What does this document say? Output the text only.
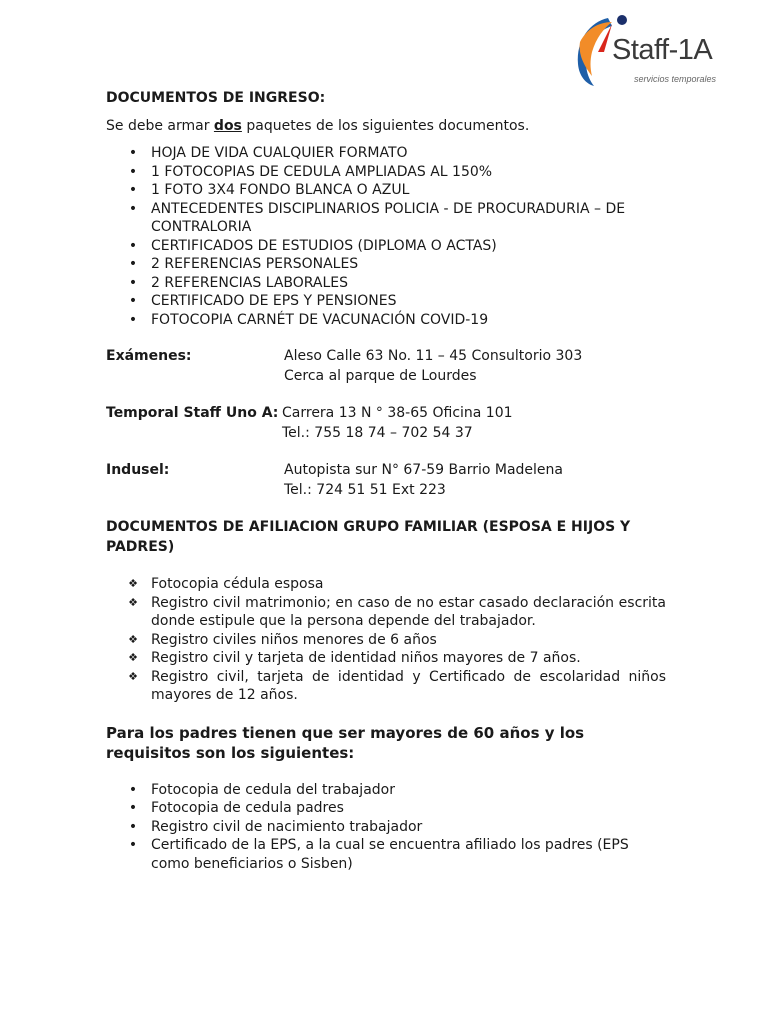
Staff-1A
servicios temporales

DOCUMENTOS DE INGRESO:

Se debe armar dos paquetes de los siguientes documentos.

• HOJA DE VIDA CUALQUIER FORMATO
• 1 FOTOCOPIAS DE CEDULA AMPLIADAS AL 150%
• 1 FOTO 3X4 FONDO BLANCA O AZUL
• ANTECEDENTES DISCIPLINARIOS POLICIA - DE PROCURADURIA – DE CONTRALORIA
• CERTIFICADOS DE ESTUDIOS (DIPLOMA O ACTAS)
• 2 REFERENCIAS PERSONALES
• 2 REFERENCIAS LABORALES
• CERTIFICADO DE EPS Y PENSIONES
• FOTOCOPIA CARNÉT DE VACUNACIÓN COVID-19
Exámenes:	Aleso Calle 63 No. 11 – 45 Consultorio 303
Cerca al parque de Lourdes
Temporal Staff Uno A: Carrera 13 N ° 38-65 Oficina 101
Tel.: 755 18 74 – 702 54 37
Indusel:	Autopista sur N° 67-59 Barrio Madelena
Tel.: 724 51 51 Ext 223

DOCUMENTOS DE AFILIACION GRUPO FAMILIAR (ESPOSA E HIJOS Y PADRES)

❖ Fotocopia cédula esposa
❖ Registro civil matrimonio; en caso de no estar casado declaración escrita donde estipule que la persona depende del trabajador.
❖ Registro civiles niños menores de 6 años
❖ Registro civil y tarjeta de identidad niños mayores de 7 años.
❖ Registro civil, tarjeta de identidad y Certificado de escolaridad niños mayores de 12 años.

Para los padres tienen que ser mayores de 60 años y los requisitos son los siguientes:

• Fotocopia de cedula del trabajador
• Fotocopia de cedula padres
• Registro civil de nacimiento trabajador
• Certificado de la EPS, a la cual se encuentra afiliado los padres (EPS como beneficiarios o Sisben)
